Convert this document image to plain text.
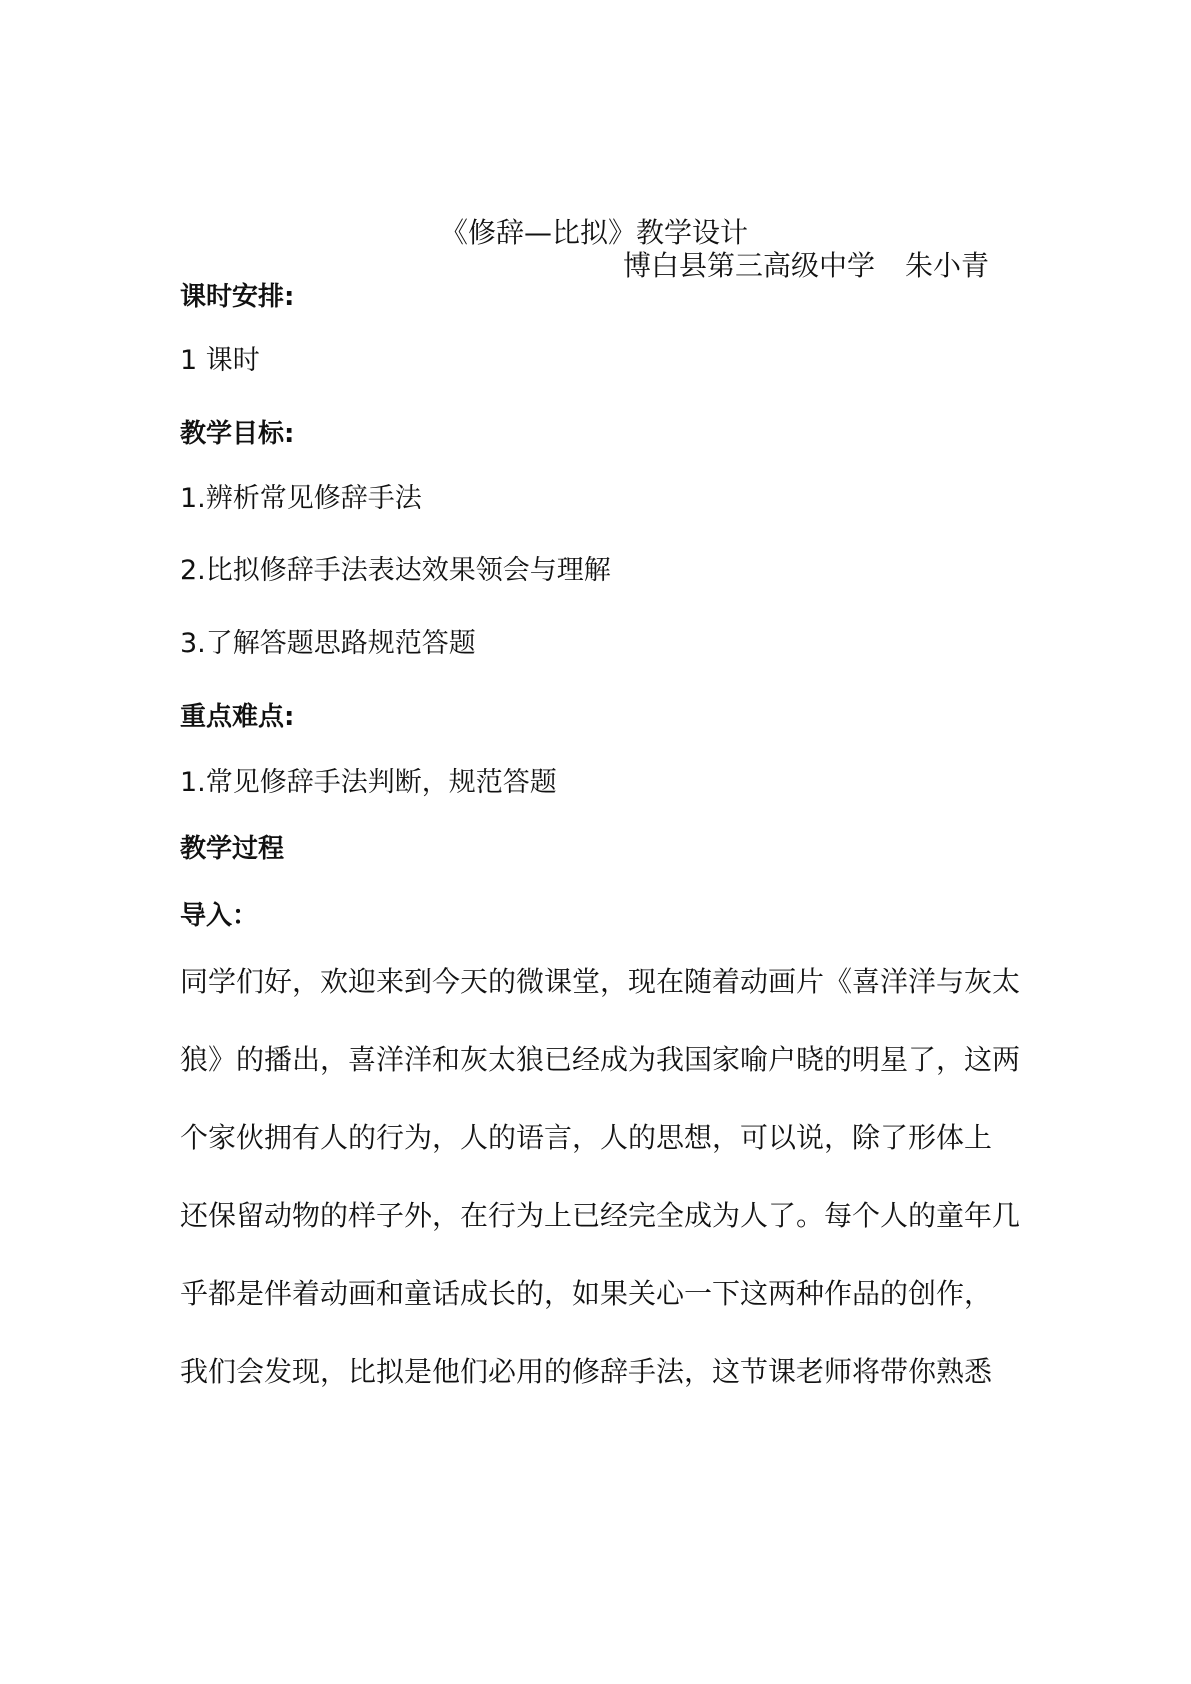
《修辞—比拟》教学设计
博白县第三高级中学 朱小青
课时安排:
1 课时
教学目标:
1.辨析常见修辞手法
2.比拟修辞手法表达效果领会与理解
3.了解答题思路规范答题
重点难点:
1.常见修辞手法判断，规范答题
教学过程
导入：
同学们好，欢迎来到今天的微课堂，现在随着动画片《喜洋洋与灰太
狼》的播出，喜洋洋和灰太狼已经成为我国家喻户晓的明星了，这两
个家伙拥有人的行为，人的语言，人的思想，可以说，除了形体上
还保留动物的样子外，在行为上已经完全成为人了。每个人的童年几
乎都是伴着动画和童话成长的，如果关心一下这两种作品的创作，
我们会发现，比拟是他们必用的修辞手法，这节课老师将带你熟悉
